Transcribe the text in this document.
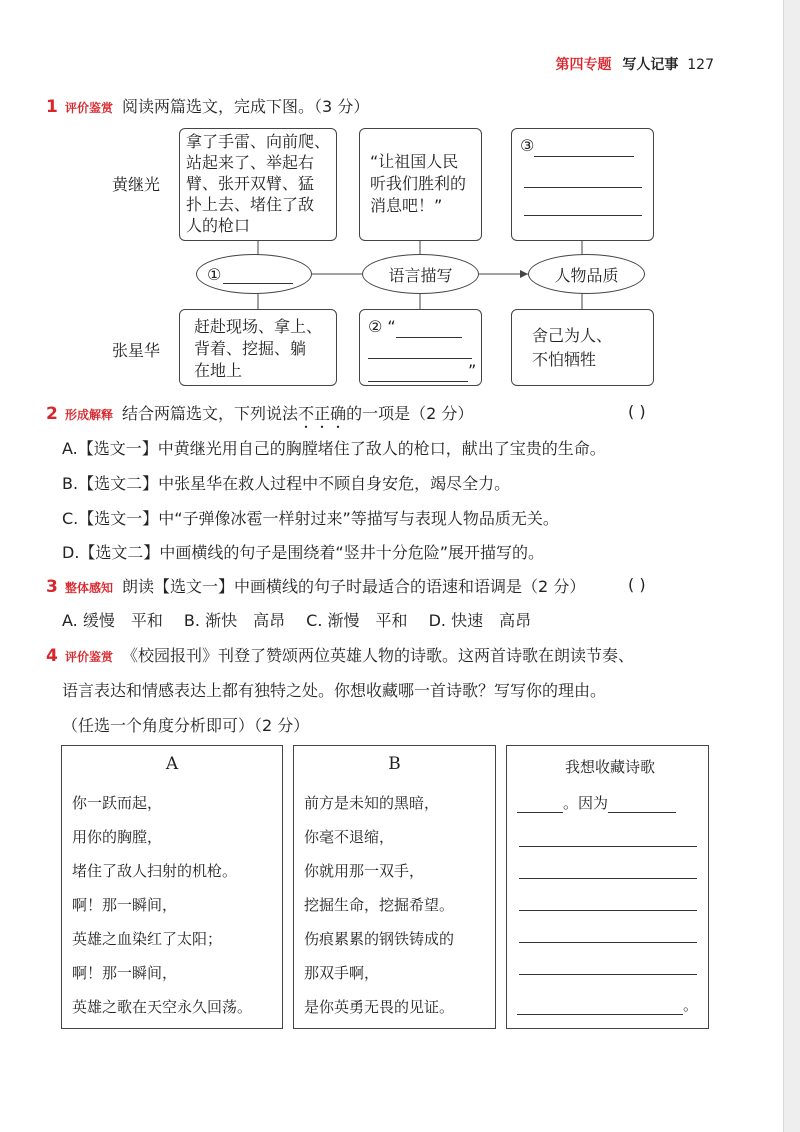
第四专题 写人记事 127
1 评价鉴赏 阅读两篇选文，完成下图。（3 分）
黄继光
张星华
拿了手雷、向前爬、
站起来了、举起右
臂、张开双臂、猛
扑上去、堵住了敌
人的枪口
“让祖国人民
听我们胜利的
消息吧！”
③
①	语言描写	人物品质
赶赴现场、拿上、
背着、挖掘、躺
在地上
② “
”
舍己为人、
不怕牺牲
2 形成解释 结合两篇选文，下列说法不正确的一项是（2 分）	( )
A.【选文一】中黄继光用自己的胸膛堵住了敌人的枪口，献出了宝贵的生命。
B.【选文二】中张星华在救人过程中不顾自身安危，竭尽全力。
C.【选文一】中“子弹像冰雹一样射过来”等描写与表现人物品质无关。
D.【选文二】中画横线的句子是围绕着“竖井十分危险”展开描写的。
3 整体感知 朗读【选文一】中画横线的句子时最适合的语速和语调是（2 分）	( )
A. 缓慢　平和　 B. 渐快　高昂　 C. 渐慢　平和　 D. 快速　高昂
4 评价鉴赏 《校园报刊》刊登了赞颂两位英雄人物的诗歌。这两首诗歌在朗读节奏、
语言表达和情感表达上都有独特之处。你想收藏哪一首诗歌？写写你的理由。
（任选一个角度分析即可）（2 分）
A
你一跃而起，
用你的胸膛，
堵住了敌人扫射的机枪。
啊！那一瞬间，
英雄之血染红了太阳；
啊！那一瞬间，
英雄之歌在天空永久回荡。
B
前方是未知的黑暗，
你毫不退缩，
你就用那一双手，
挖掘生命，挖掘希望。
伤痕累累的钢铁铸成的
那双手啊，
是你英勇无畏的见证。
我想收藏诗歌
。因为
。
